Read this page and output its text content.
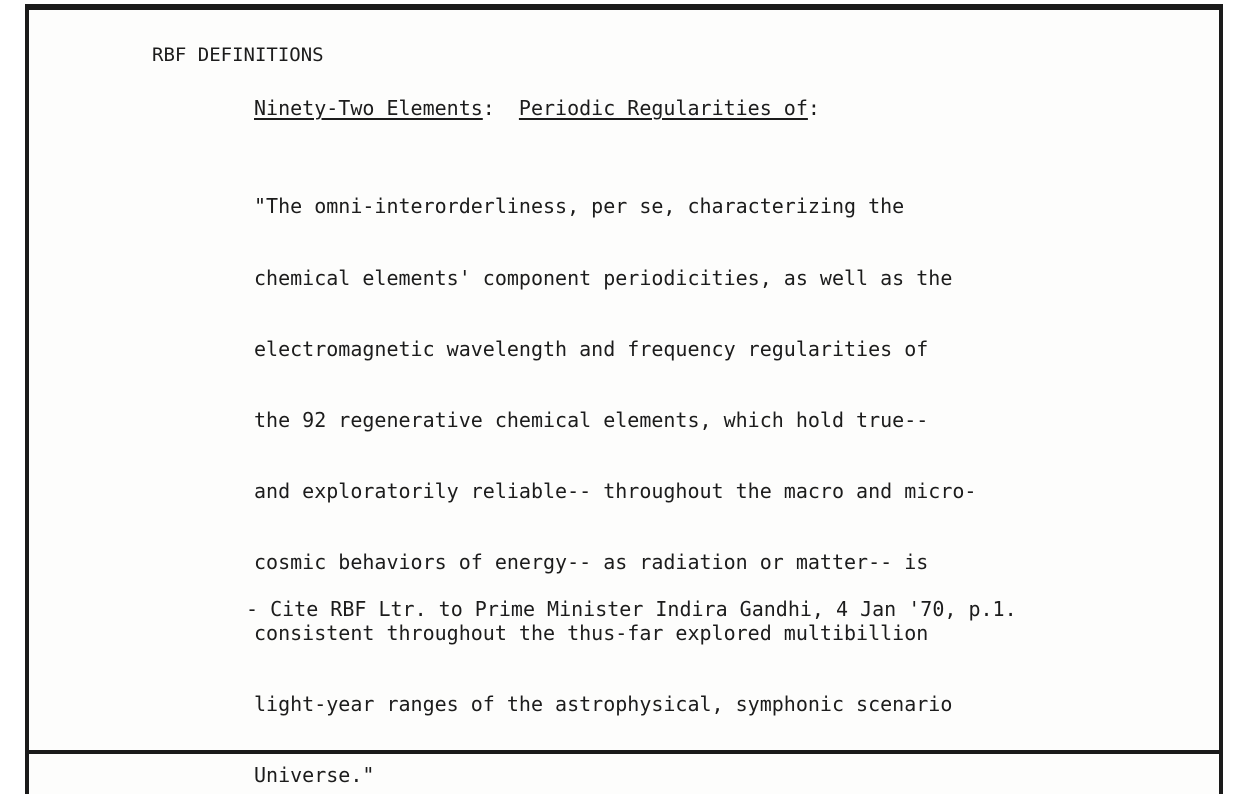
RBF DEFINITIONS

Ninety-Two Elements:  Periodic Regularities of:

"The omni-interorderliness, per se, characterizing the

chemical elements' component periodicities, as well as the

electromagnetic wavelength and frequency regularities of

the 92 regenerative chemical elements, which hold true--

and exploratorily reliable-- throughout the macro and micro-

cosmic behaviors of energy-- as radiation or matter-- is

consistent throughout the thus-far explored multibillion

light-year ranges of the astrophysical, symphonic scenario

Universe."

- Cite RBF Ltr. to Prime Minister Indira Gandhi, 4 Jan '70, p.1.
